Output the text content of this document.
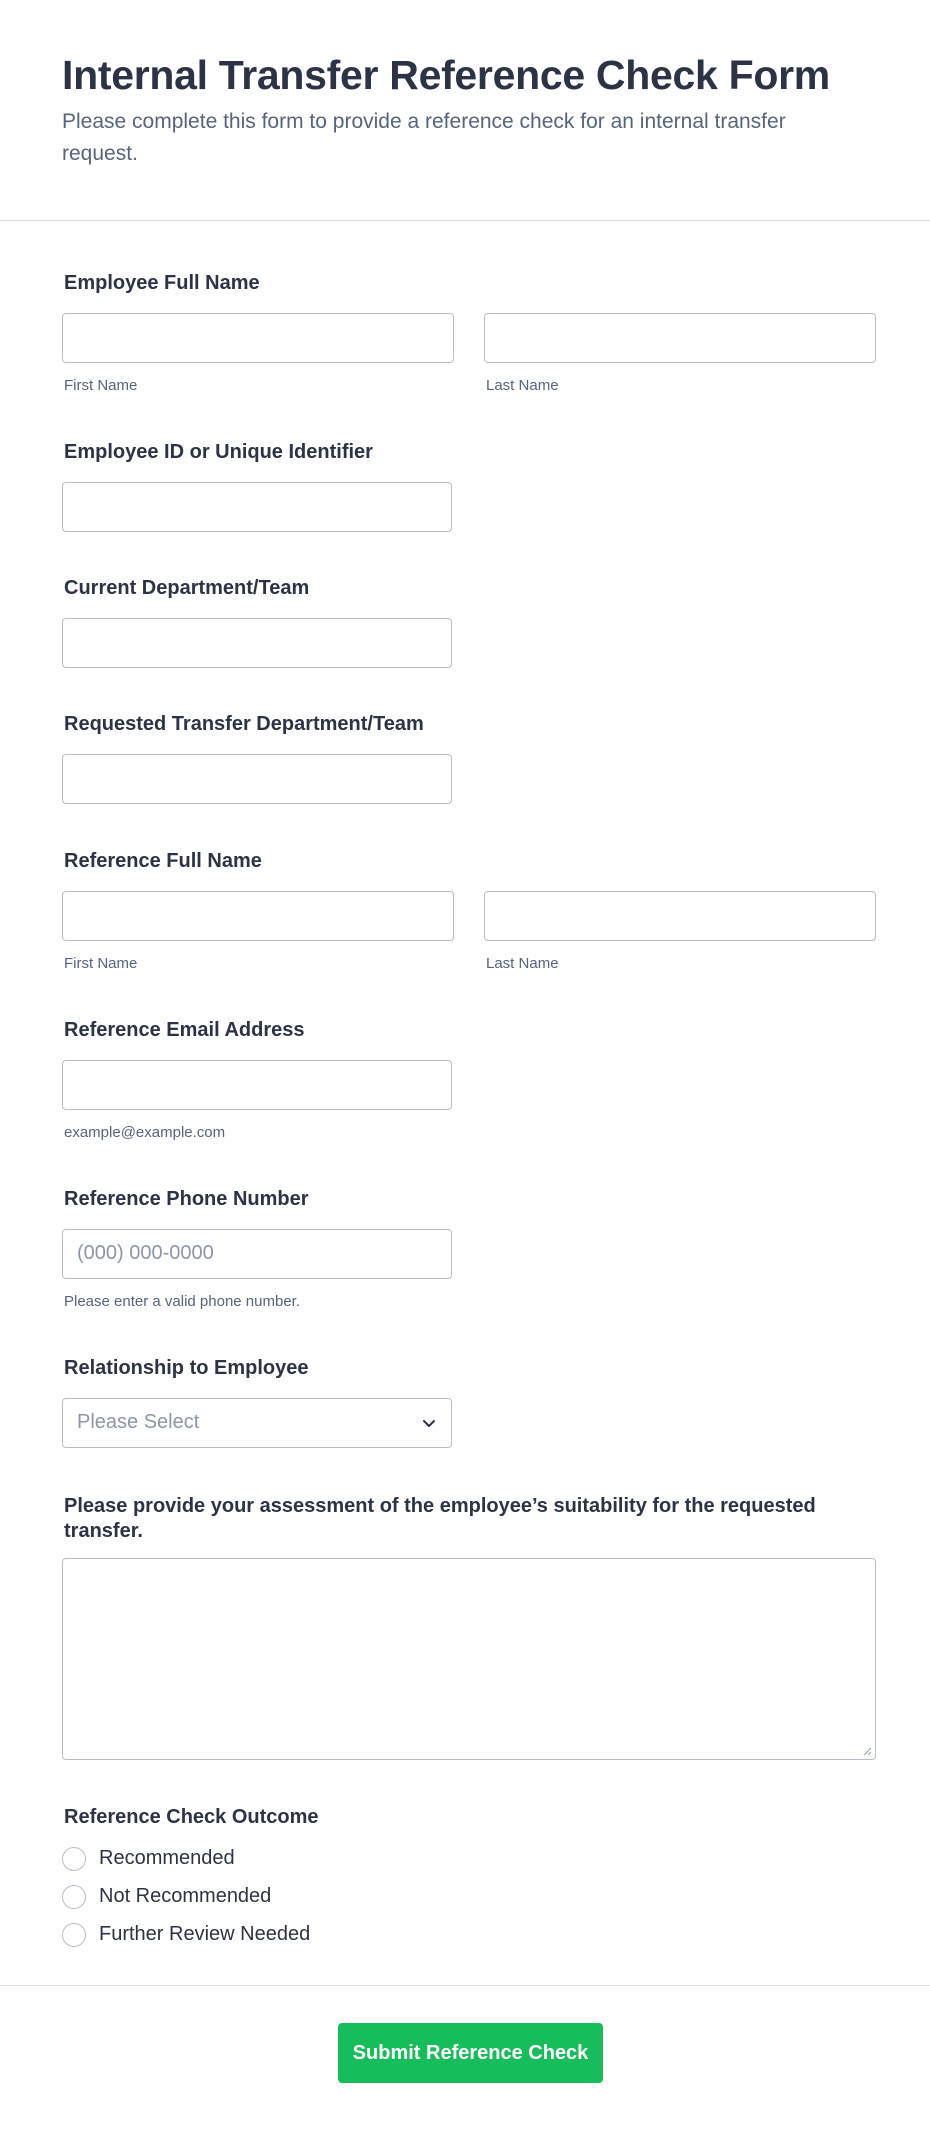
Internal Transfer Reference Check Form

Please complete this form to provide a reference check for an internal transfer request.

Employee Full Name
First Name	Last Name
Employee ID or Unique Identifier
Current Department/Team
Requested Transfer Department/Team
Reference Full Name
First Name	Last Name
Reference Email Address
example@example.com
Reference Phone Number
(000) 000-0000
Please enter a valid phone number.
Relationship to Employee
Please Select
Please provide your assessment of the employee’s suitability for the requested transfer.
Reference Check Outcome
Recommended
Not Recommended
Further Review Needed
Submit Reference Check
